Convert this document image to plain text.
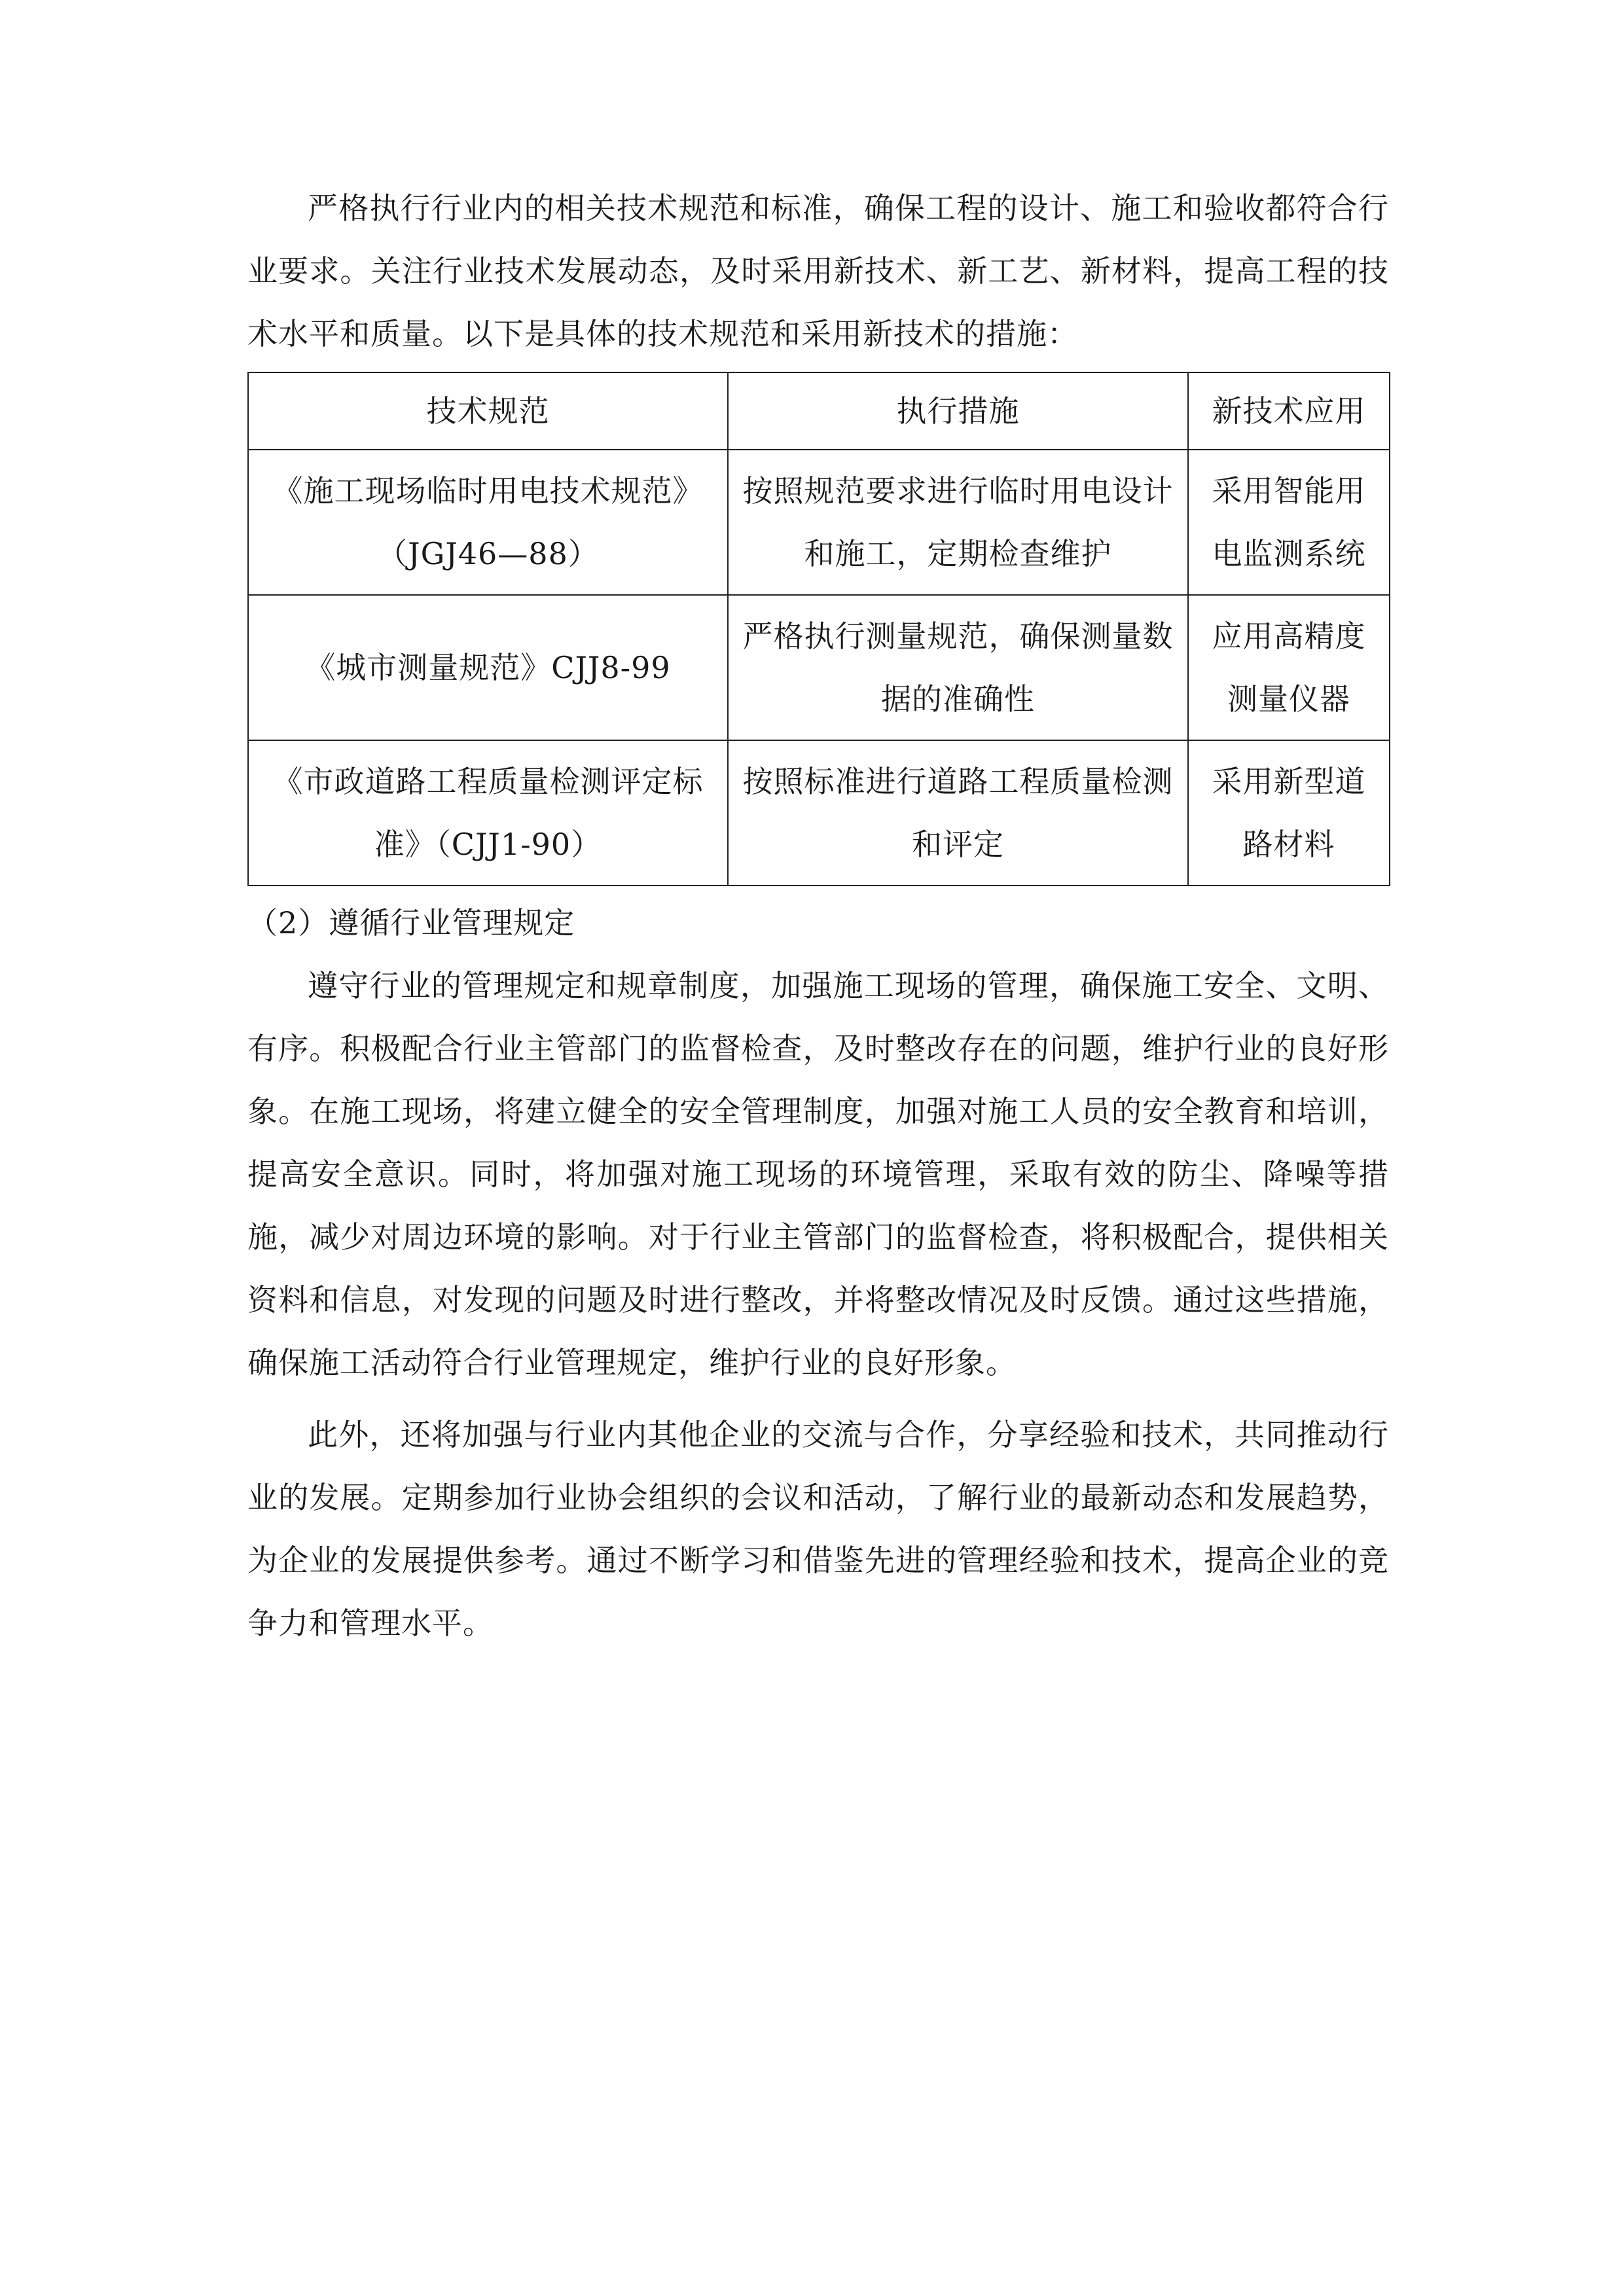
严格执行行业内的相关技术规范和标准，确保工程的设计、施工和验收都符合行业要求。关注行业技术发展动态，及时采用新技术、新工艺、新材料，提高工程的技术水平和质量。以下是具体的技术规范和采用新技术的措施：

技术规范	执行措施	新技术应用
《施工现场临时用电技术规范》（JGJ46—88）	按照规范要求进行临时用电设计和施工，定期检查维护	采用智能用电监测系统
《城市测量规范》CJJ8-99	严格执行测量规范，确保测量数据的准确性	应用高精度测量仪器
《市政道路工程质量检测评定标准》（CJJ1-90）	按照标准进行道路工程质量检测和评定	采用新型道路材料

（2）遵循行业管理规定

遵守行业的管理规定和规章制度，加强施工现场的管理，确保施工安全、文明、有序。积极配合行业主管部门的监督检查，及时整改存在的问题，维护行业的良好形象。在施工现场，将建立健全的安全管理制度，加强对施工人员的安全教育和培训，提高安全意识。同时，将加强对施工现场的环境管理，采取有效的防尘、降噪等措施，减少对周边环境的影响。对于行业主管部门的监督检查，将积极配合，提供相关资料和信息，对发现的问题及时进行整改，并将整改情况及时反馈。通过这些措施，确保施工活动符合行业管理规定，维护行业的良好形象。

此外，还将加强与行业内其他企业的交流与合作，分享经验和技术，共同推动行业的发展。定期参加行业协会组织的会议和活动，了解行业的最新动态和发展趋势，为企业的发展提供参考。通过不断学习和借鉴先进的管理经验和技术，提高企业的竞争力和管理水平。
